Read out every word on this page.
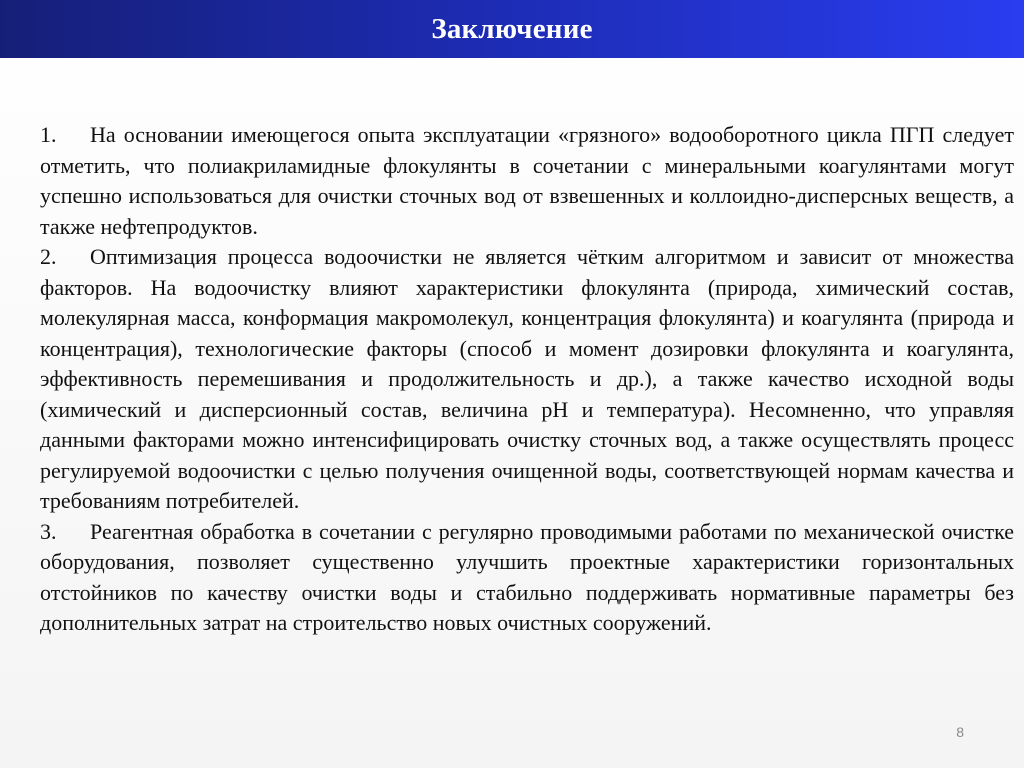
Заключение

1. На основании имеющегося опыта эксплуатации «грязного» водооборотного цикла ПГП следует отметить, что полиакриламидные флокулянты в сочетании с минеральными коагулянтами могут успешно использоваться для очистки сточных вод от взвешенных и коллоидно-дисперсных веществ, а также нефтепродуктов.

2. Оптимизация процесса водоочистки не является чётким алгоритмом и зависит от множества факторов. На водоочистку влияют характеристики флокулянта (природа, химический состав, молекулярная масса, конформация макромолекул, концентрация флокулянта) и коагулянта (природа и концентрация), технологические факторы (способ и момент дозировки флокулянта и коагулянта, эффективность перемешивания и продолжительность и др.), а также качество исходной воды (химический и дисперсионный состав, величина pH и температура). Несомненно, что управляя данными факторами можно интенсифицировать очистку сточных вод, а также осуществлять процесс регулируемой водоочистки с целью получения очищенной воды, соответствующей нормам качества и требованиям потребителей.

3. Реагентная обработка в сочетании с регулярно проводимыми работами по механической очистке оборудования, позволяет существенно улучшить проектные характеристики горизонтальных отстойников по качеству очистки воды и стабильно поддерживать нормативные параметры без дополнительных затрат на строительство новых очистных сооружений.

8
